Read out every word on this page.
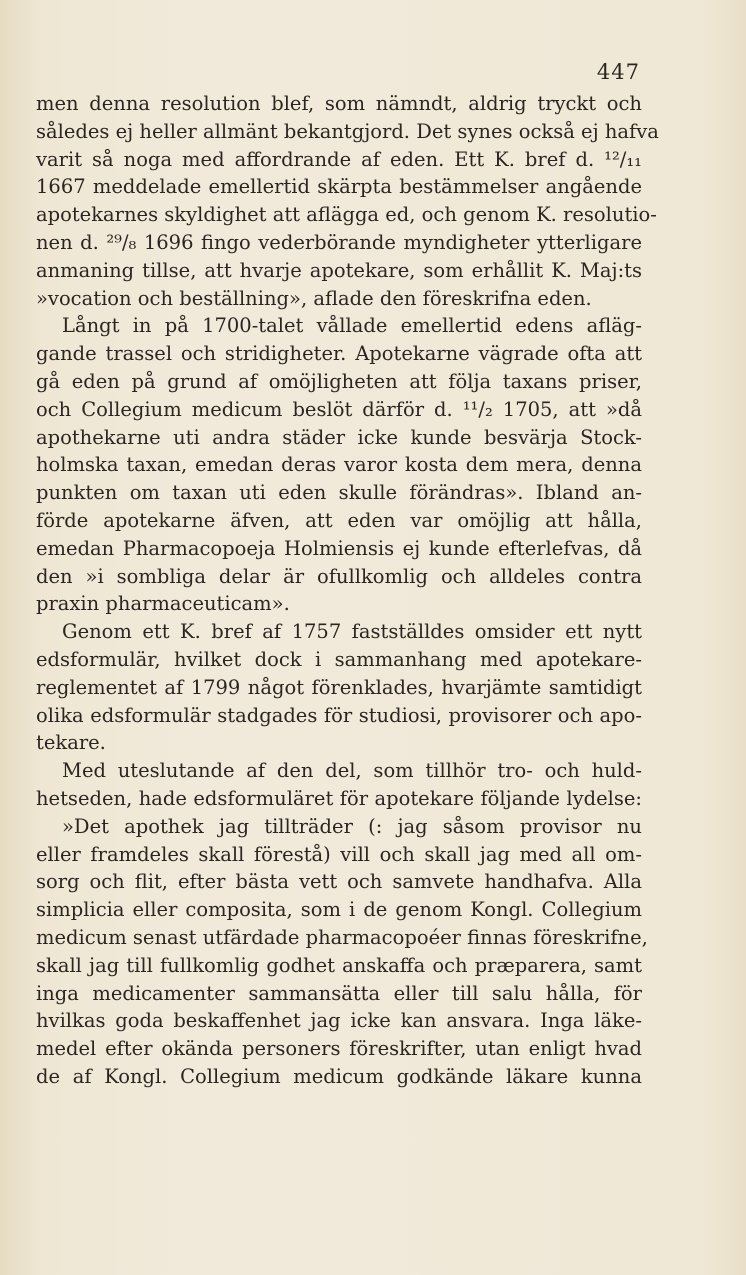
447
men denna resolution blef, som nämndt, aldrig tryckt och
således ej heller allmänt bekantgjord. Det synes också ej hafva
varit så noga med affordrande af eden. Ett K. bref d. ¹²/₁₁
1667 meddelade emellertid skärpta bestämmelser angående
apotekarnes skyldighet att aflägga ed, och genom K. resolutio-
nen d. ²⁹/₈ 1696 fingo vederbörande myndigheter ytterligare
anmaning tillse, att hvarje apotekare, som erhållit K. Maj:ts
»vocation och beställning», aflade den föreskrifna eden.
Långt in på 1700-talet vållade emellertid edens afläg-
gande trassel och stridigheter. Apotekarne vägrade ofta att
gå eden på grund af omöjligheten att följa taxans priser,
och Collegium medicum beslöt därför d. ¹¹/₂ 1705, att »då
apothekarne uti andra städer icke kunde besvärja Stock-
holmska taxan, emedan deras varor kosta dem mera, denna
punkten om taxan uti eden skulle förändras». Ibland an-
förde apotekarne äfven, att eden var omöjlig att hålla,
emedan Pharmacopoeja Holmiensis ej kunde efterlefvas, då
den »i sombliga delar är ofullkomlig och alldeles contra
praxin pharmaceuticam».
Genom ett K. bref af 1757 fastställdes omsider ett nytt
edsformulär, hvilket dock i sammanhang med apotekare-
reglementet af 1799 något förenklades, hvarjämte samtidigt
olika edsformulär stadgades för studiosi, provisorer och apo-
tekare.
Med uteslutande af den del, som tillhör tro- och huld-
hetseden, hade edsformuläret för apotekare följande lydelse:
»Det apothek jag tillträder (: jag såsom provisor nu
eller framdeles skall förestå) vill och skall jag med all om-
sorg och flit, efter bästa vett och samvete handhafva. Alla
simplicia eller composita, som i de genom Kongl. Collegium
medicum senast utfärdade pharmacopoéer finnas föreskrifne,
skall jag till fullkomlig godhet anskaffa och præparera, samt
inga medicamenter sammansätta eller till salu hålla, för
hvilkas goda beskaffenhet jag icke kan ansvara. Inga läke-
medel efter okända personers föreskrifter, utan enligt hvad
de af Kongl. Collegium medicum godkände läkare kunna
